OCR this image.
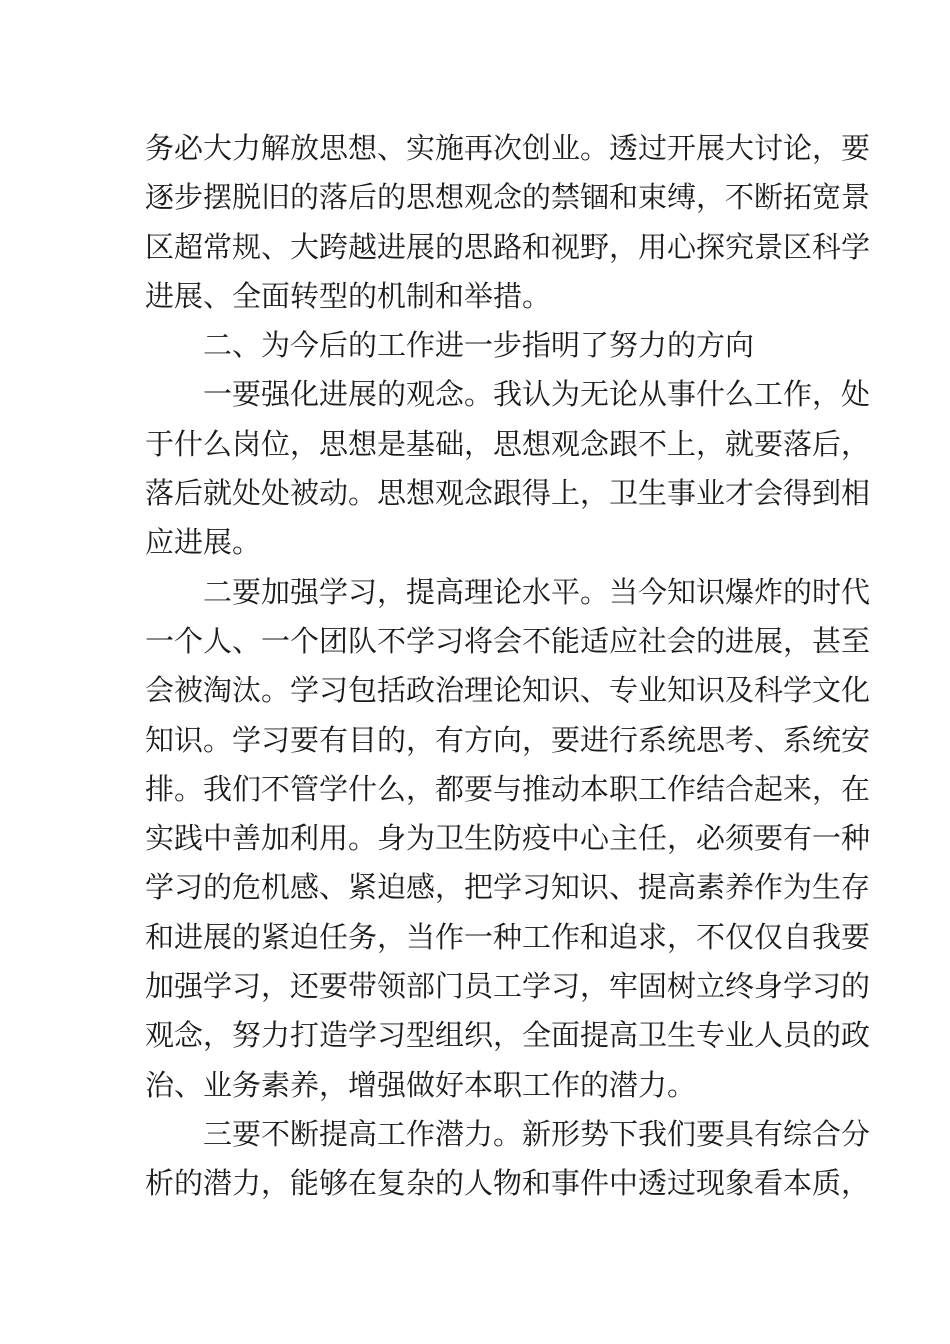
务必大力解放思想、实施再次创业。透过开展大讨论，要
逐步摆脱旧的落后的思想观念的禁锢和束缚，不断拓宽景
区超常规、大跨越进展的思路和视野，用心探究景区科学
进展、全面转型的机制和举措。
二、为今后的工作进一步指明了努力的方向
一要强化进展的观念。我认为无论从事什么工作，处
于什么岗位，思想是基础，思想观念跟不上，就要落后，
落后就处处被动。思想观念跟得上，卫生事业才会得到相
应进展。
二要加强学习，提高理论水平。当今知识爆炸的时代
一个人、一个团队不学习将会不能适应社会的进展，甚至
会被淘汰。学习包括政治理论知识、专业知识及科学文化
知识。学习要有目的，有方向，要进行系统思考、系统安
排。我们不管学什么，都要与推动本职工作结合起来，在
实践中善加利用。身为卫生防疫中心主任，必须要有一种
学习的危机感、紧迫感，把学习知识、提高素养作为生存
和进展的紧迫任务，当作一种工作和追求，不仅仅自我要
加强学习，还要带领部门员工学习，牢固树立终身学习的
观念，努力打造学习型组织，全面提高卫生专业人员的政
治、业务素养，增强做好本职工作的潜力。
三要不断提高工作潜力。新形势下我们要具有综合分
析的潜力，能够在复杂的人物和事件中透过现象看本质，
